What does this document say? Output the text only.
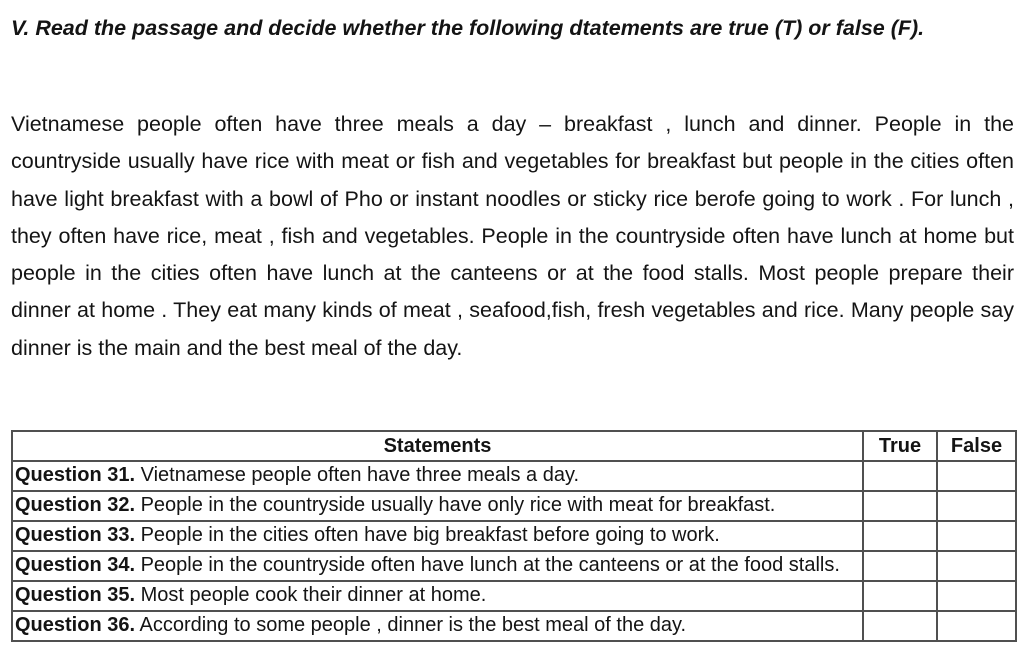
V. Read the passage and decide whether the following dtatements are true (T) or false (F).

Vietnamese people often have three meals a day – breakfast , lunch and dinner. People in the countryside usually have rice with meat or fish and vegetables for breakfast but people in the cities often have light breakfast with a bowl of Pho or instant noodles or sticky rice berofe going to work . For lunch , they often have rice, meat , fish and vegetables. People in the countryside often have lunch at home but people in the cities often have lunch at the canteens or at the food stalls. Most people prepare their dinner at home . They eat many kinds of meat , seafood,fish, fresh vegetables and rice. Many people say dinner is the main and the best meal of the day.

Statements	True	False
Question 31. Vietnamese people often have three meals a day.		
Question 32. People in the countryside usually have only rice with meat for breakfast.		
Question 33. People in the cities often have big breakfast before going to work.		
Question 34. People in the countryside often have lunch at the canteens or at the food stalls.		
Question 35. Most people cook their dinner at home.		
Question 36. According to some people , dinner is the best meal of the day.		
